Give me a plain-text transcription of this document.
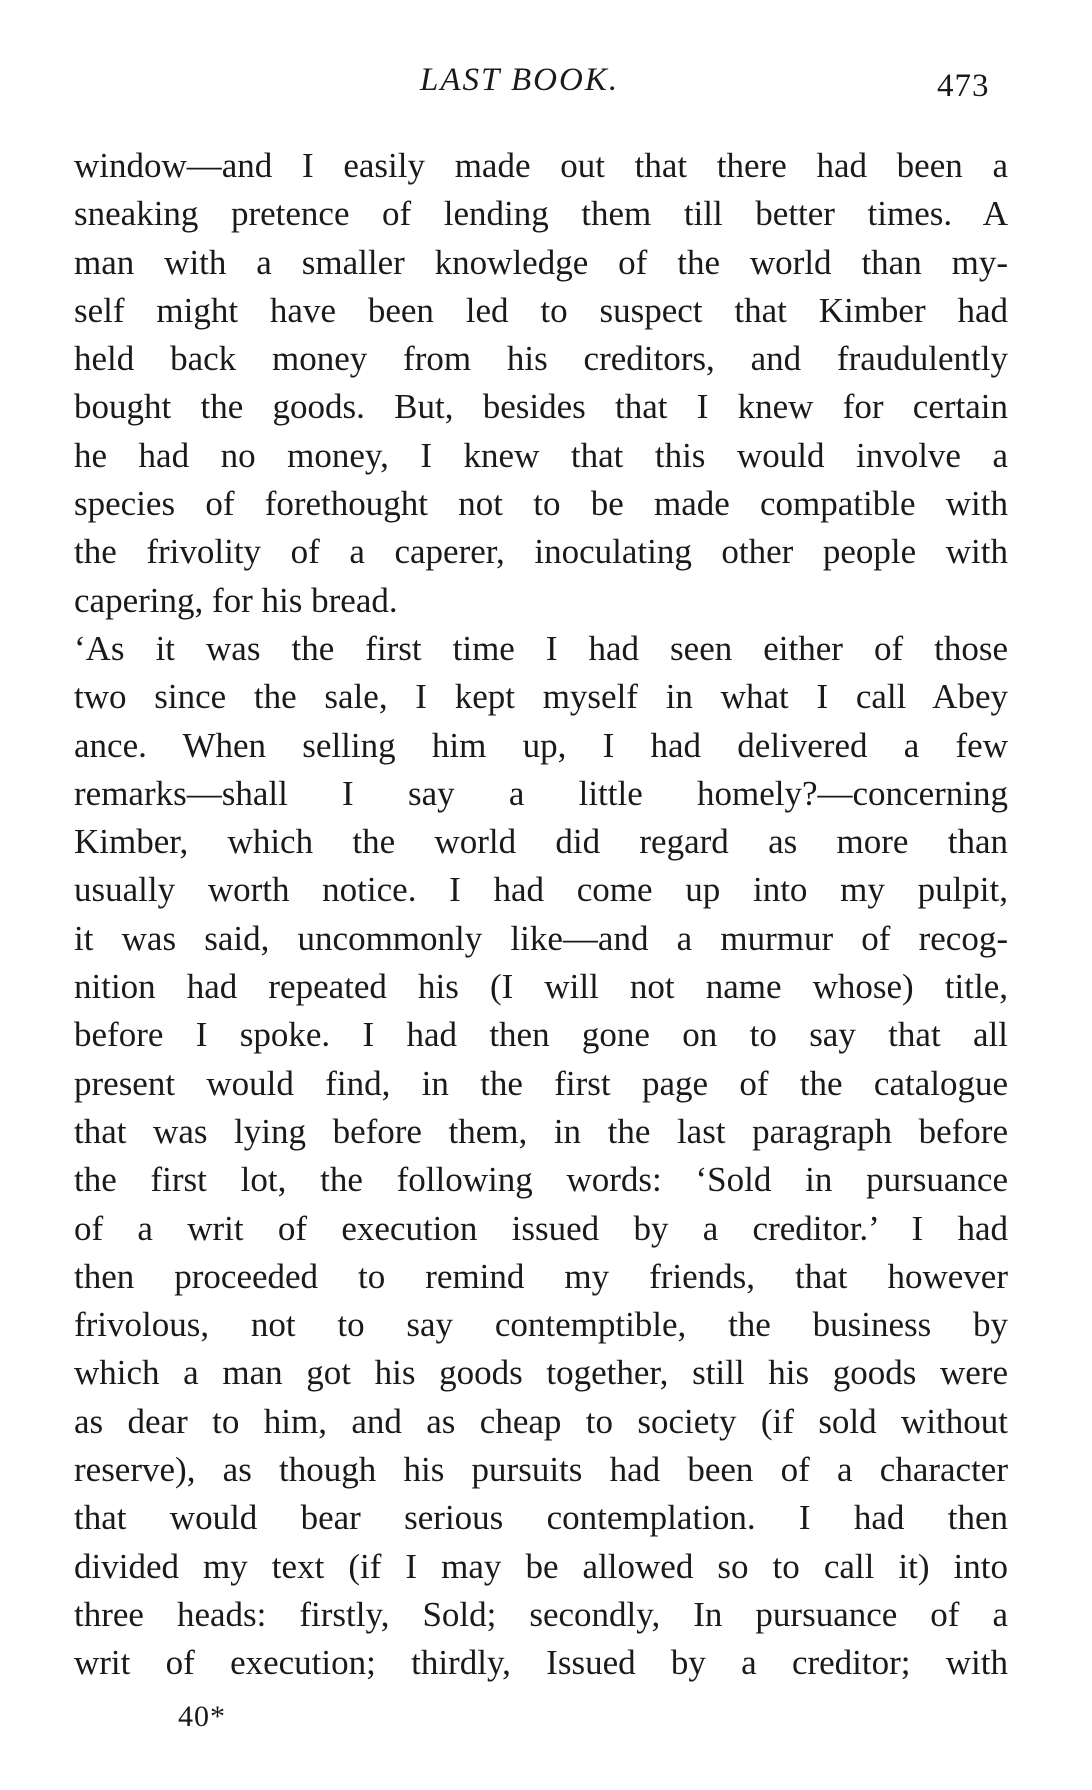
LAST BOOK.	473
window—and I easily made out that there had been a
sneaking pretence of lending them till better times. A
man with a smaller knowledge of the world than my-
self might have been led to suspect that Kimber had
held back money from his creditors, and fraudulently
bought the goods. But, besides that I knew for certain
he had no money, I knew that this would involve a
species of forethought not to be made compatible with
the frivolity of a caperer, inoculating other people with
capering, for his bread.
‘As it was the first time I had seen either of those
two since the sale, I kept myself in what I call Abey
ance. When selling him up, I had delivered a few
remarks—shall I say a little homely?—concerning
Kimber, which the world did regard as more than
usually worth notice. I had come up into my pulpit,
it was said, uncommonly like—and a murmur of recog-
nition had repeated his (I will not name whose) title,
before I spoke. I had then gone on to say that all
present would find, in the first page of the catalogue
that was lying before them, in the last paragraph before
the first lot, the following words: ‘Sold in pursuance
of a writ of execution issued by a creditor.’ I had
then proceeded to remind my friends, that however
frivolous, not to say contemptible, the business by
which a man got his goods together, still his goods were
as dear to him, and as cheap to society (if sold without
reserve), as though his pursuits had been of a character
that would bear serious contemplation. I had then
divided my text (if I may be allowed so to call it) into
three heads: firstly, Sold; secondly, In pursuance of a
writ of execution; thirdly, Issued by a creditor; with
40*
